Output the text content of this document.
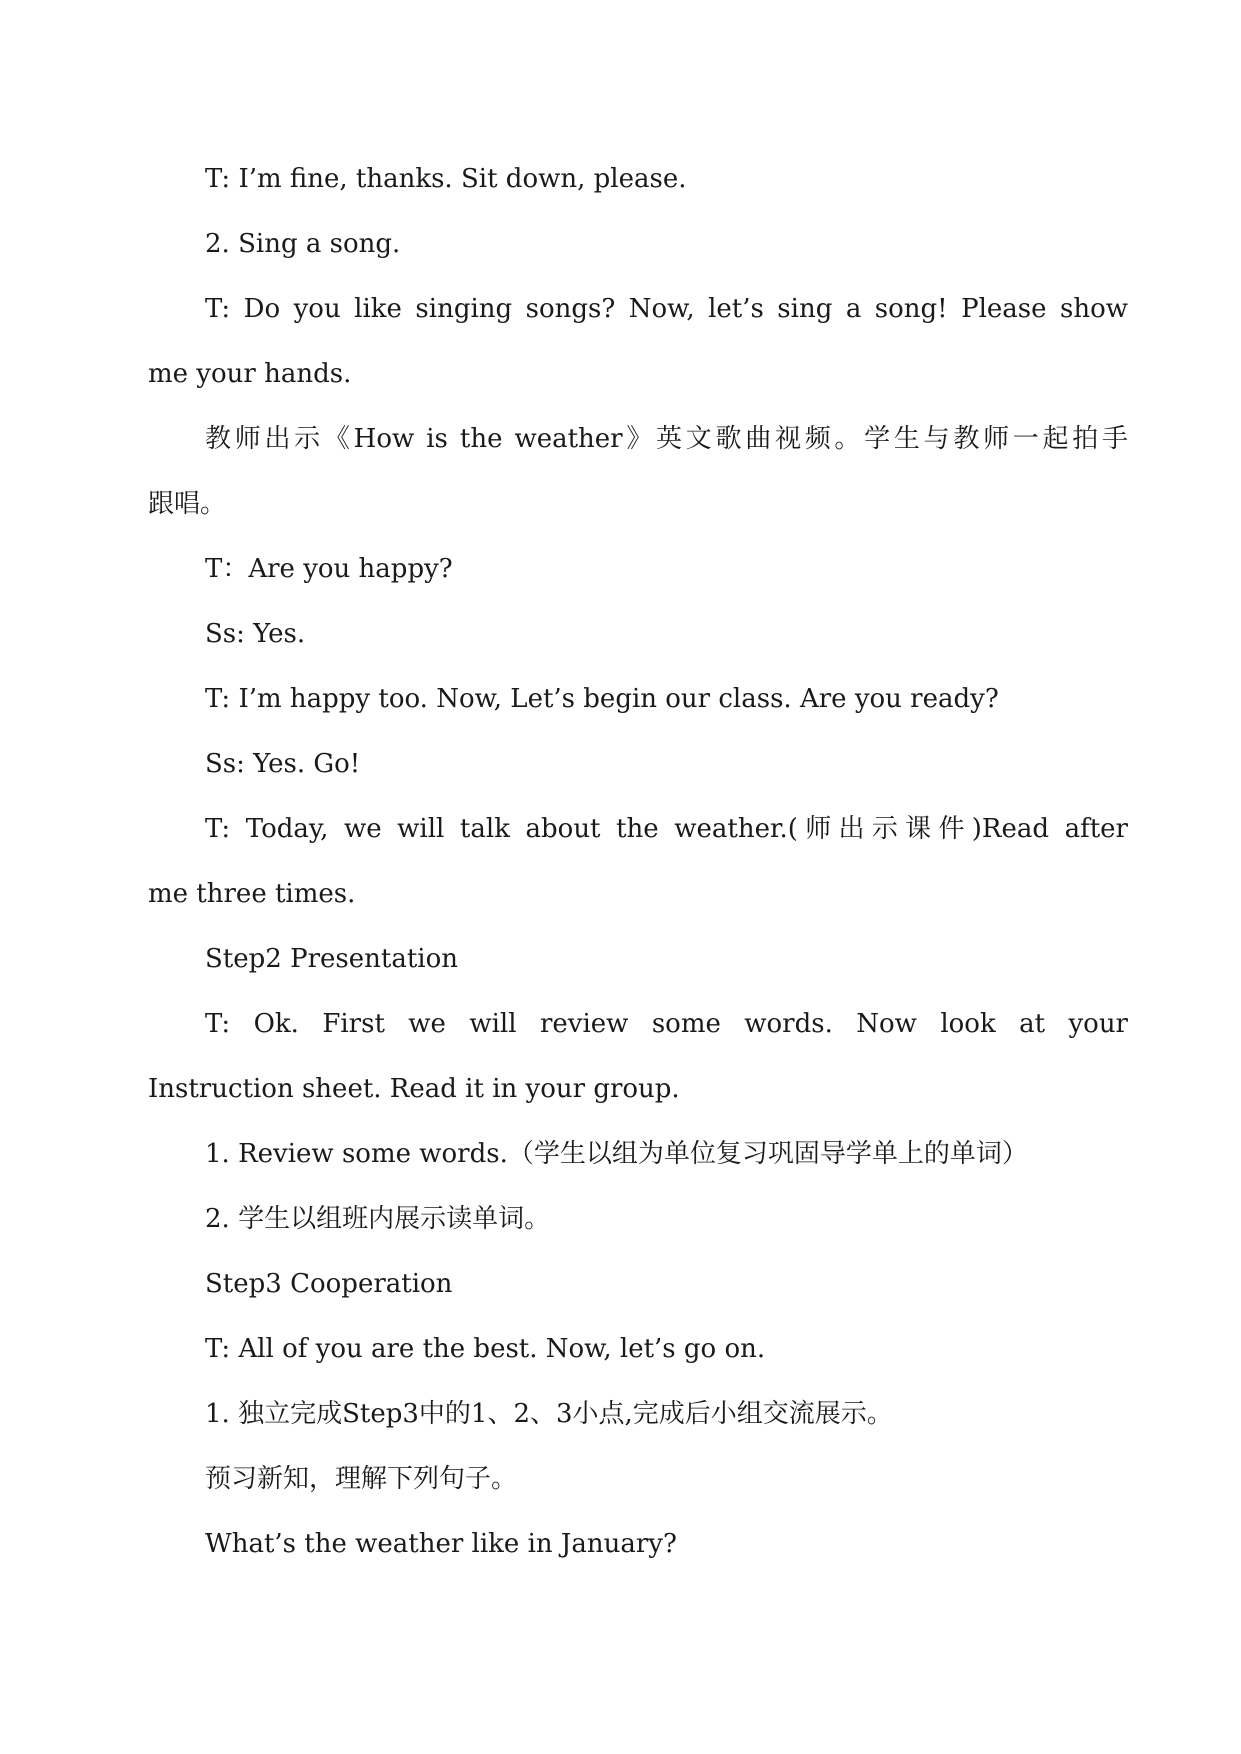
T: I’m fine, thanks. Sit down, please.
2. Sing a song.
T: Do you like singing songs? Now, let’s sing a song! Please show
me your hands.
教师出示《How is the weather》英文歌曲视频。学生与教师一起拍手
跟唱。
T：Are you happy?
Ss: Yes.
T: I’m happy too. Now, Let’s begin our class. Are you ready?
Ss: Yes. Go!
T: Today, we will talk about the weather.(师出示课件)Read after
me three times.
Step2 Presentation
T: Ok. First we will review some words. Now look at your
Instruction sheet. Read it in your group.
1. Review some words.（学生以组为单位复习巩固导学单上的单词）
2. 学生以组班内展示读单词。
Step3 Cooperation
T: All of you are the best. Now, let’s go on.
1. 独立完成Step3中的1、2、3小点,完成后小组交流展示。
预习新知，理解下列句子。
What’s the weather like in January?
